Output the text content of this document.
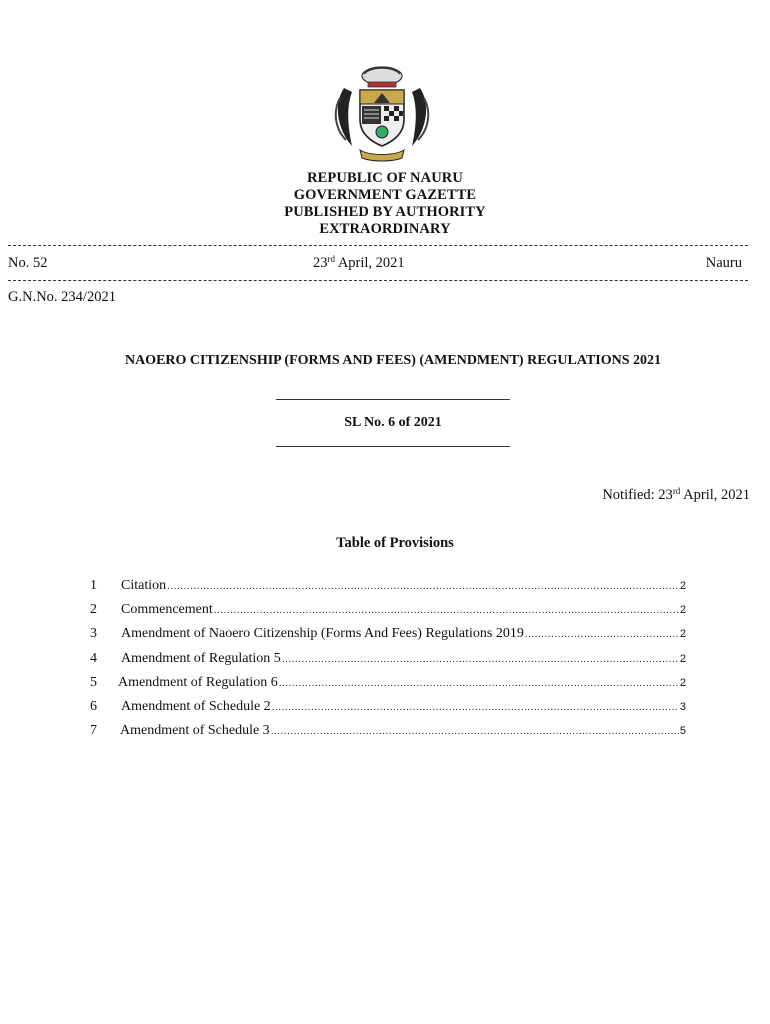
REPUBLIC OF NAURU
GOVERNMENT GAZETTE
PUBLISHED BY AUTHORITY
EXTRAORDINARY
No. 52	23rd April, 2021	Nauru
G.N.No. 234/2021
NAOERO CITIZENSHIP (FORMS AND FEES) (AMENDMENT) REGULATIONS 2021
SL No. 6 of 2021
Notified: 23rd April, 2021
Table of Provisions
1	Citation .....	2
2	Commencement .....	2
3	Amendment of Naoero Citizenship (Forms And Fees) Regulations 2019 .....	2
4	Amendment of Regulation 5 .....	2
5	Amendment of Regulation 6 .....	2
6	Amendment of Schedule 2 .....	3
7	Amendment of Schedule 3 .....	5
